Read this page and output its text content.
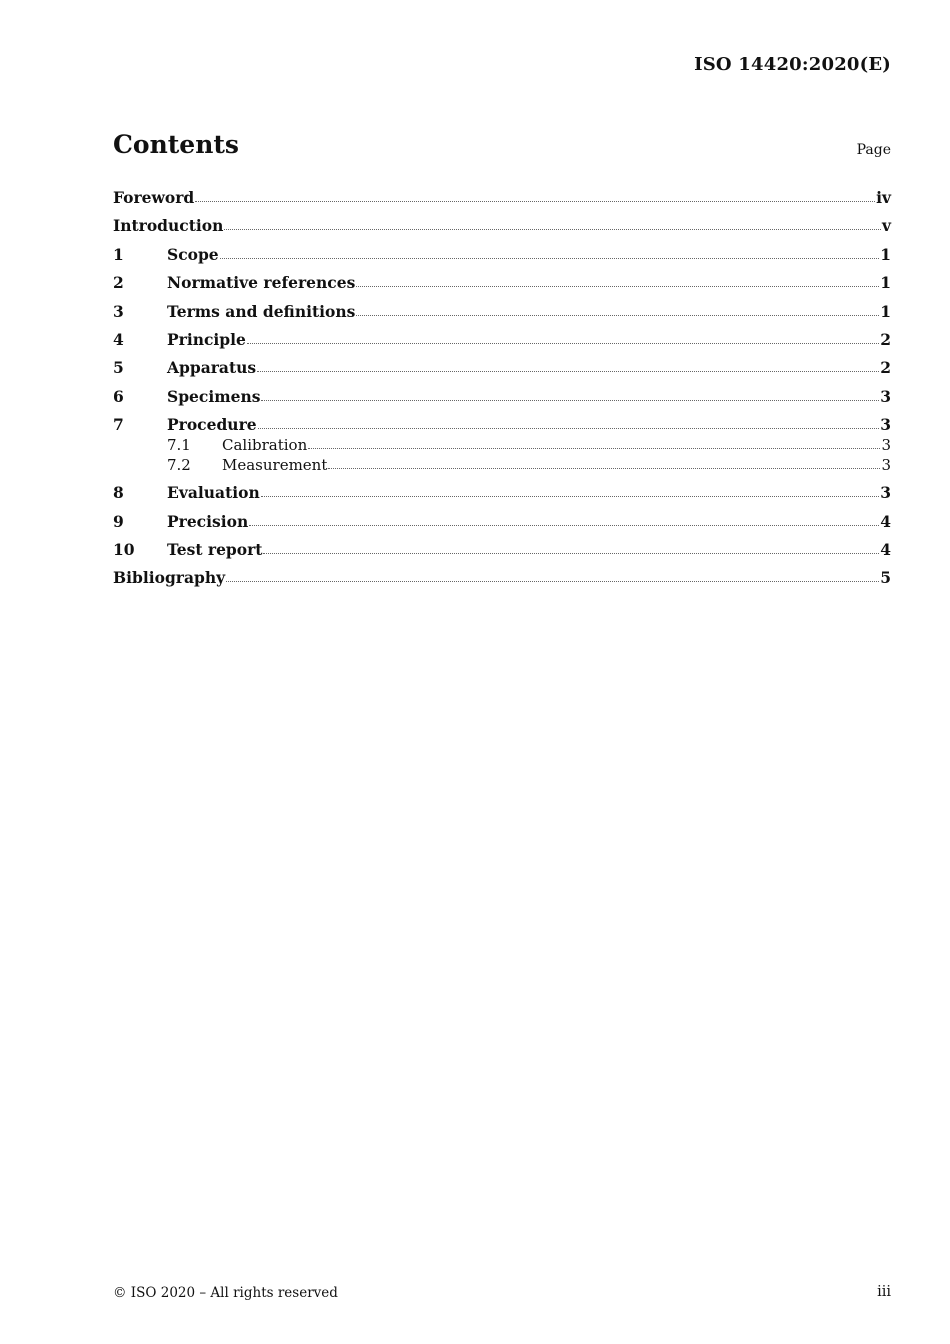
ISO 14420:2020(E)
Contents	Page
Foreword	iv
Introduction	v
1	Scope	1
2	Normative references	1
3	Terms and definitions	1
4	Principle	2
5	Apparatus	2
6	Specimens	3
7	Procedure	3
7.1	Calibration	3
7.2	Measurement	3
8	Evaluation	3
9	Precision	4
10	Test report	4
Bibliography	5
© ISO 2020 – All rights reserved	iii
